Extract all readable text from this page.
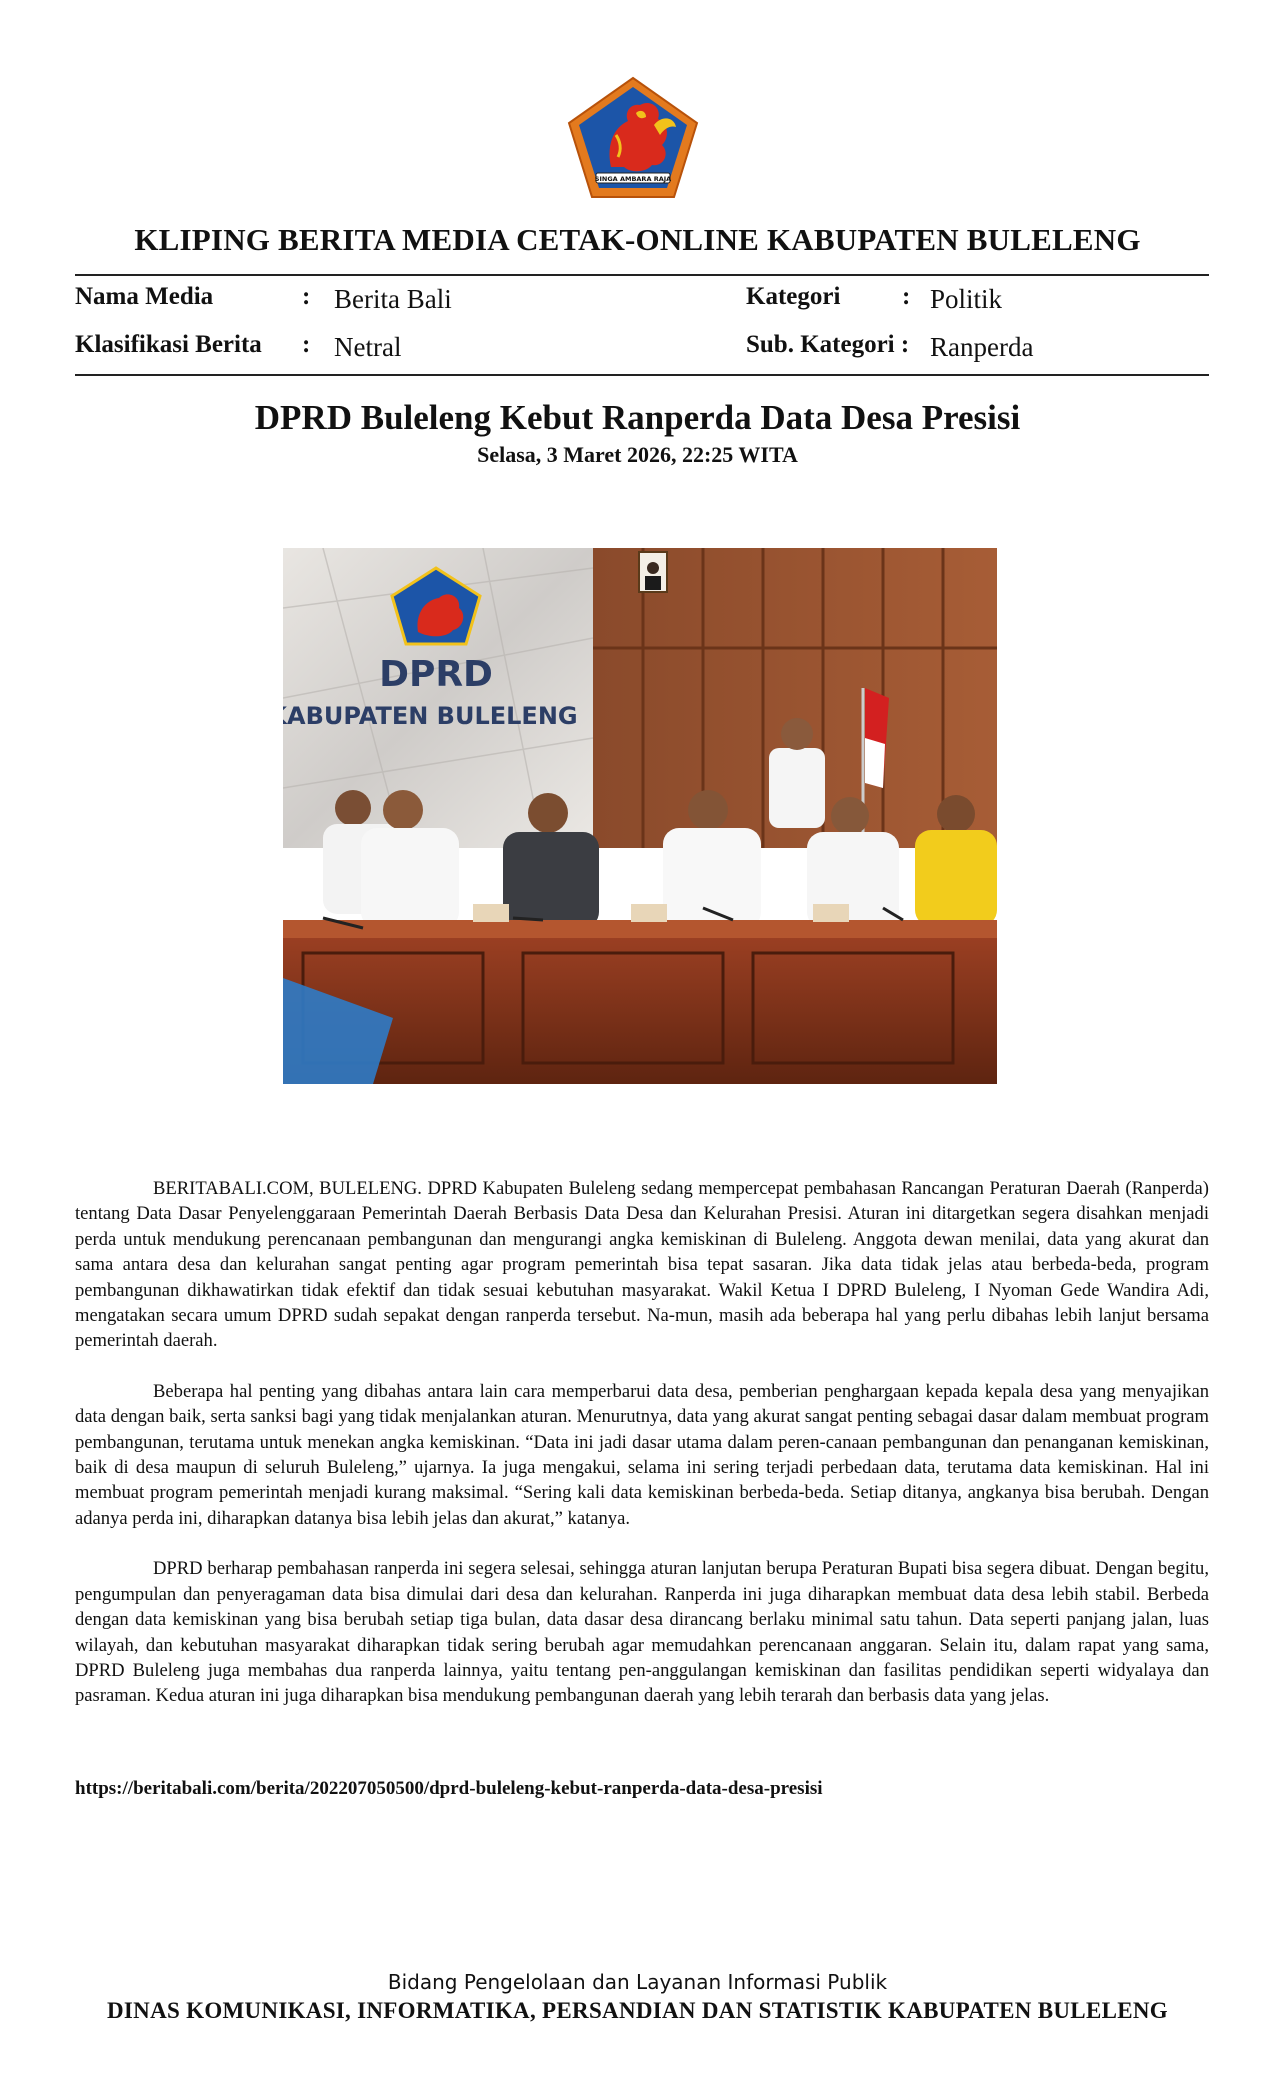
SINGA AMBARA RAJA
KLIPING BERITA MEDIA CETAK-ONLINE KABUPATEN BULELENG
Nama Media	: Berita Bali	Kategori : Politik
Klasifikasi Berita : Netral	Sub. Kategori : Ranperda
DPRD Buleleng Kebut Ranperda Data Desa Presisi
Selasa, 3 Maret 2026, 22:25 WITA
DPRD
KABUPATEN BULELENG

BERITABALI.COM, BULELENG. DPRD Kabupaten Buleleng sedang mempercepat pembahasan Rancangan Peraturan Daerah (Ranperda) tentang Data Dasar Penyelenggaraan Pemerintah Daerah Berbasis Data Desa dan Kelurahan Presisi. Aturan ini ditargetkan segera disahkan menjadi perda untuk mendukung perencanaan pembangunan dan mengurangi angka kemiskinan di Buleleng. Anggota dewan menilai, data yang akurat dan sama antara desa dan kelurahan sangat penting agar program pemerintah bisa tepat sasaran. Jika data tidak jelas atau berbeda-beda, program pembangunan dikhawatirkan tidak efektif dan tidak sesuai kebutuhan masyarakat. Wakil Ketua I DPRD Buleleng, I Nyoman Gede Wandira Adi, mengatakan secara umum DPRD sudah sepakat dengan ranperda tersebut. Na-mun, masih ada beberapa hal yang perlu dibahas lebih lanjut bersama pemerintah daerah.

Beberapa hal penting yang dibahas antara lain cara memperbarui data desa, pemberian penghargaan kepada kepala desa yang menyajikan data dengan baik, serta sanksi bagi yang tidak menjalankan aturan. Menurutnya, data yang akurat sangat penting sebagai dasar dalam membuat program pembangunan, terutama untuk menekan angka kemiskinan. “Data ini jadi dasar utama dalam peren-canaan pembangunan dan penanganan kemiskinan, baik di desa maupun di seluruh Buleleng,” ujarnya. Ia juga mengakui, selama ini sering terjadi perbedaan data, terutama data kemiskinan. Hal ini membuat program pemerintah menjadi kurang maksimal. “Sering kali data kemiskinan berbeda-beda. Setiap ditanya, angkanya bisa berubah. Dengan adanya perda ini, diharapkan datanya bisa lebih jelas dan akurat,” katanya.

DPRD berharap pembahasan ranperda ini segera selesai, sehingga aturan lanjutan berupa Peraturan Bupati bisa segera dibuat. Dengan begitu, pengumpulan dan penyeragaman data bisa dimulai dari desa dan kelurahan. Ranperda ini juga diharapkan membuat data desa lebih stabil. Berbeda dengan data kemiskinan yang bisa berubah setiap tiga bulan, data dasar desa dirancang berlaku minimal satu tahun. Data seperti panjang jalan, luas wilayah, dan kebutuhan masyarakat diharapkan tidak sering berubah agar memudahkan perencanaan anggaran. Selain itu, dalam rapat yang sama, DPRD Buleleng juga membahas dua ranperda lainnya, yaitu tentang pen-anggulangan kemiskinan dan fasilitas pendidikan seperti widyalaya dan pasraman. Kedua aturan ini juga diharapkan bisa mendukung pembangunan daerah yang lebih terarah dan berbasis data yang jelas.

https://beritabali.com/berita/202207050500/dprd-buleleng-kebut-ranperda-data-desa-presisi
Bidang Pengelolaan dan Layanan Informasi Publik
DINAS KOMUNIKASI, INFORMATIKA, PERSANDIAN DAN STATISTIK KABUPATEN BULELENG
